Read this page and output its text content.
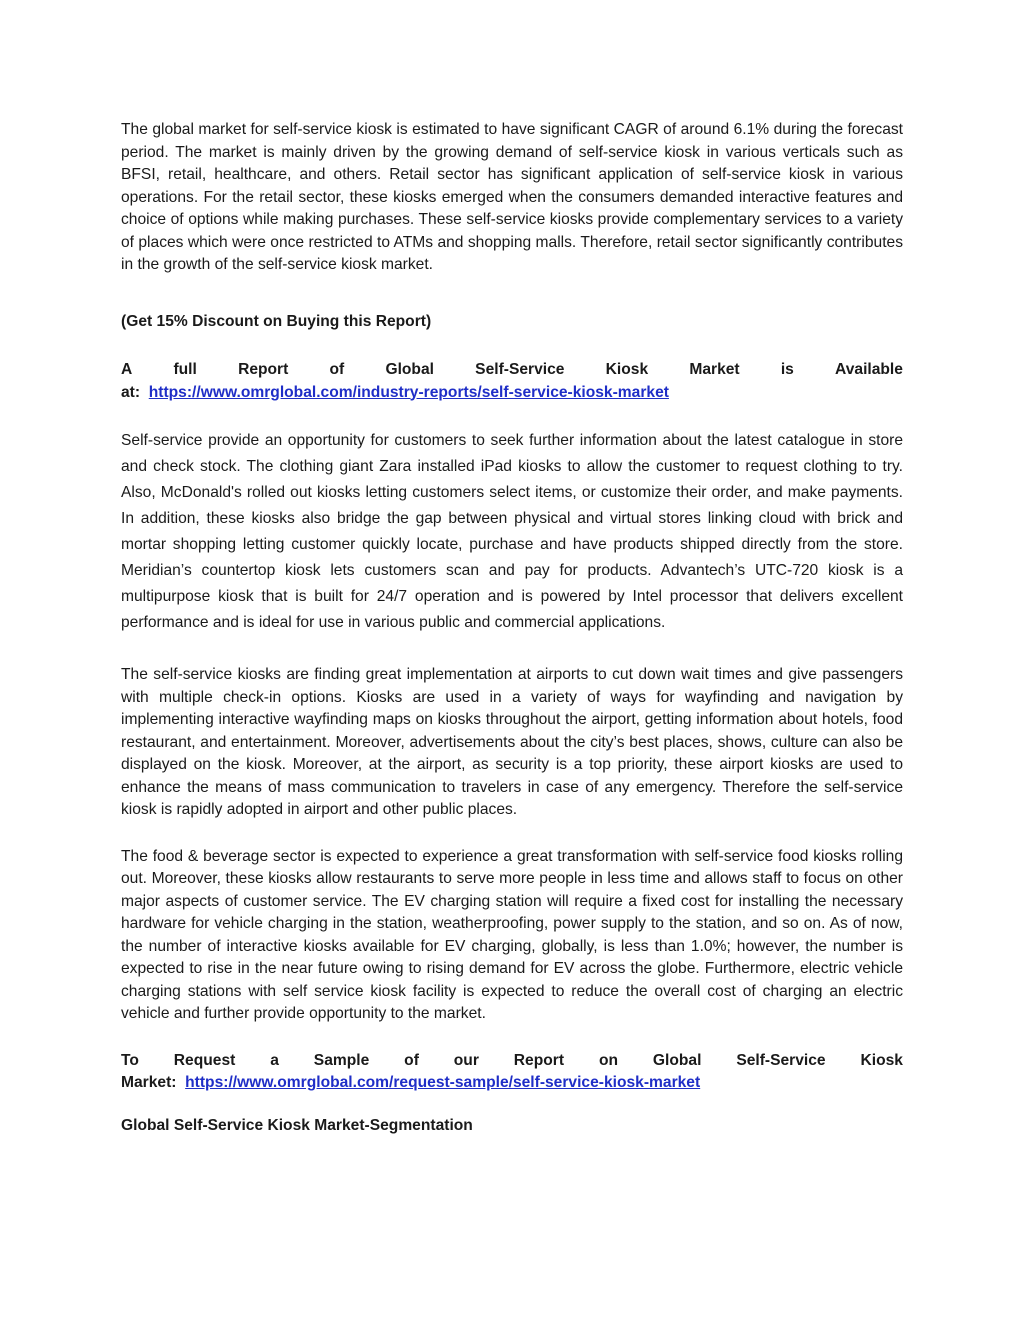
The global market for self-service kiosk is estimated to have significant CAGR of around 6.1% during the forecast period. The market is mainly driven by the growing demand of self-service kiosk in various verticals such as BFSI, retail, healthcare, and others. Retail sector has significant application of self-service kiosk in various operations. For the retail sector, these kiosks emerged when the consumers demanded interactive features and choice of options while making purchases. These self-service kiosks provide complementary services to a variety of places which were once restricted to ATMs and shopping malls. Therefore, retail sector significantly contributes in the growth of the self-service kiosk market.

(Get 15% Discount on Buying this Report)

A	full	Report	of	Global	Self-Service	Kiosk	Market	is	Available
at: https://www.omrglobal.com/industry-reports/self-service-kiosk-market

Self-service provide an opportunity for customers to seek further information about the latest catalogue in store and check stock. The clothing giant Zara installed iPad kiosks to allow the customer to request clothing to try. Also, McDonald's rolled out kiosks letting customers select items, or customize their order, and make payments. In addition, these kiosks also bridge the gap between physical and virtual stores linking cloud with brick and mortar shopping letting customer quickly locate, purchase and have products shipped directly from the store. Meridian’s countertop kiosk lets customers scan and pay for products. Advantech’s UTC-720 kiosk is a multipurpose kiosk that is built for 24/7 operation and is powered by Intel processor that delivers excellent performance and is ideal for use in various public and commercial applications.

The self-service kiosks are finding great implementation at airports to cut down wait times and give passengers with multiple check-in options. Kiosks are used in a variety of ways for wayfinding and navigation by implementing interactive wayfinding maps on kiosks throughout the airport, getting information about hotels, food restaurant, and entertainment. Moreover, advertisements about the city’s best places, shows, culture can also be displayed on the kiosk. Moreover, at the airport, as security is a top priority, these airport kiosks are used to enhance the means of mass communication to travelers in case of any emergency. Therefore the self-service kiosk is rapidly adopted in airport and other public places.

The food & beverage sector is expected to experience a great transformation with self-service food kiosks rolling out. Moreover, these kiosks allow restaurants to serve more people in less time and allows staff to focus on other major aspects of customer service. The EV charging station will require a fixed cost for installing the necessary hardware for vehicle charging in the station, weatherproofing, power supply to the station, and so on. As of now, the number of interactive kiosks available for EV charging, globally, is less than 1.0%; however, the number is expected to rise in the near future owing to rising demand for EV across the globe. Furthermore, electric vehicle charging stations with self service kiosk facility is expected to reduce the overall cost of charging an electric vehicle and further provide opportunity to the market.

To Request a Sample of our Report on Global Self-Service Kiosk
Market: https://www.omrglobal.com/request-sample/self-service-kiosk-market

Global Self-Service Kiosk Market-Segmentation
